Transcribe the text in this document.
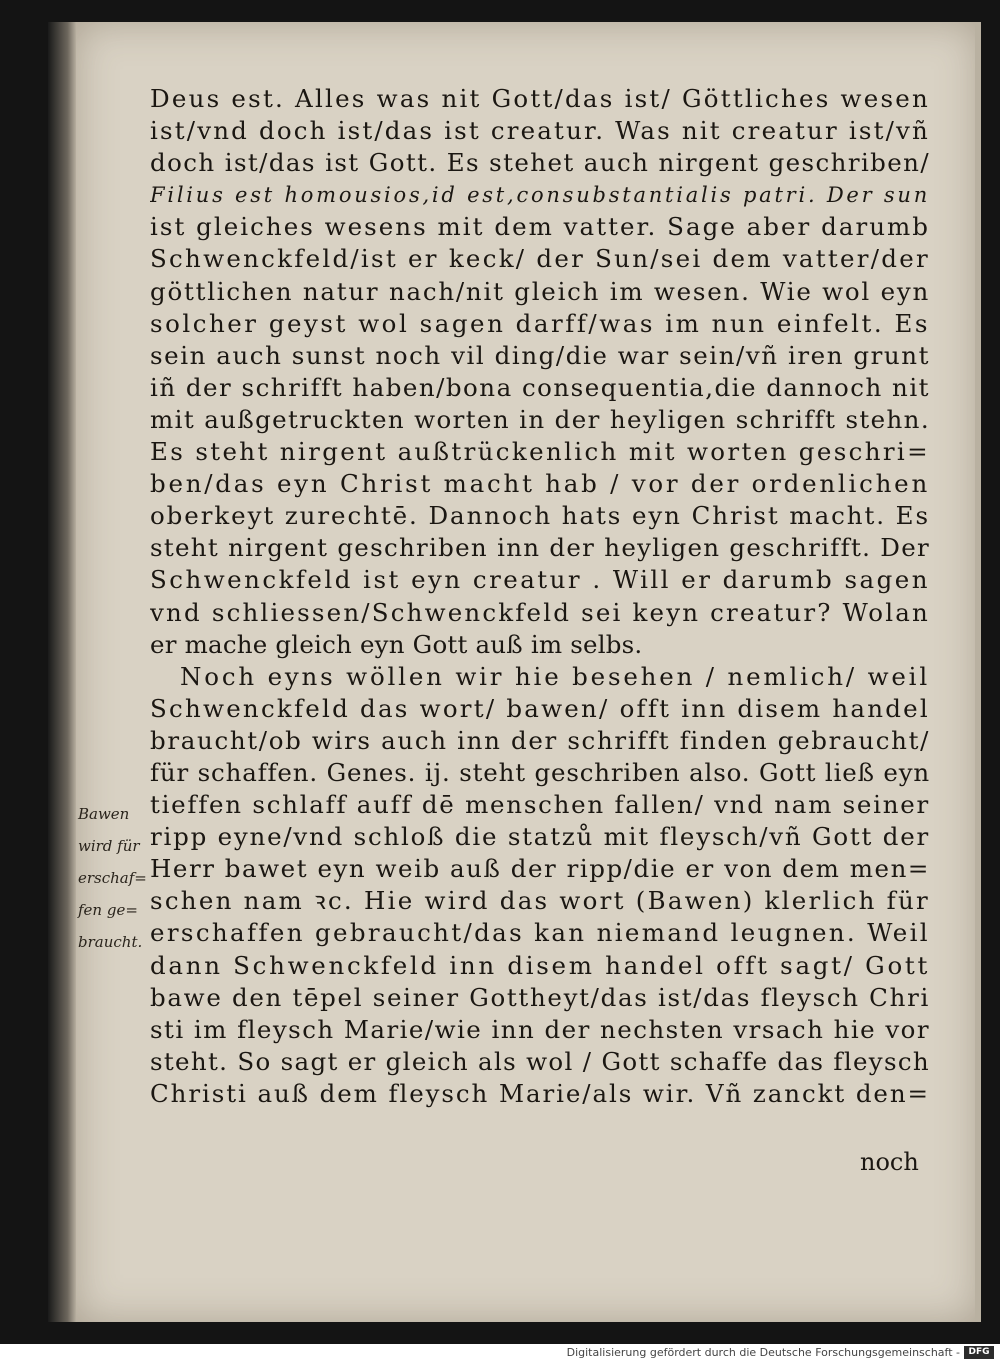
Deus est. Alles was nit Gott/das ist/ Göttliches wesen
ist/vnd doch ist/das ist creatur. Was nit creatur ist/vñ
doch ist/das ist Gott. Es stehet auch nirgent geschriben/
Filius est homousios,id est,consubstantialis patri. Der sun
ist gleiches wesens mit dem vatter. Sage aber darumb
Schwenckfeld/ist er keck/ der Sun/sei dem vatter/der
göttlichen natur nach/nit gleich im wesen. Wie wol eyn
solcher geyst wol sagen darff/was im nun einfelt. Es
sein auch sunst noch vil ding/die war sein/vñ iren grunt
iñ der schrifft haben/bona consequentia,die dannoch nit
mit außgetruckten worten in der heyligen schrifft stehn.
Es steht nirgent außtrückenlich mit worten geschri=
ben/das eyn Christ macht hab / vor der ordenlichen
oberkeyt zurechtē. Dannoch hats eyn Christ macht. Es
steht nirgent geschriben inn der heyligen geschrifft. Der
Schwenckfeld ist eyn creatur . Will er darumb sagen
vnd schliessen/Schwenckfeld sei keyn creatur? Wolan
er mache gleich eyn Gott auß im selbs.
Noch eyns wöllen wir hie besehen / nemlich/ weil
Schwenckfeld das wort/ bawen/ offt inn disem handel
braucht/ob wirs auch inn der schrifft finden gebraucht/
für schaffen. Genes. ij. steht geschriben also. Gott ließ eyn
tieffen schlaff auff dē menschen fallen/ vnd nam seiner
ripp eyne/vnd schloß die statzů mit fleysch/vñ Gott der
Herr bawet eyn weib auß der ripp/die er von dem men=
schen nam ꝛc. Hie wird das wort (Bawen) klerlich für
erschaffen gebraucht/das kan niemand leugnen. Weil
dann Schwenckfeld inn disem handel offt sagt/ Gott
bawe den tēpel seiner Gottheyt/das ist/das fleysch Chri
sti im fleysch Marie/wie inn der nechsten vrsach hie vor
steht. So sagt er gleich als wol / Gott schaffe das fleysch
Christi auß dem fleysch Marie/als wir. Vñ zanckt den=
noch
Bawen
wird für
erschaf=
fen ge=
braucht.
Digitalisierung gefördert durch die Deutsche Forschungsgemeinschaft - DFG
